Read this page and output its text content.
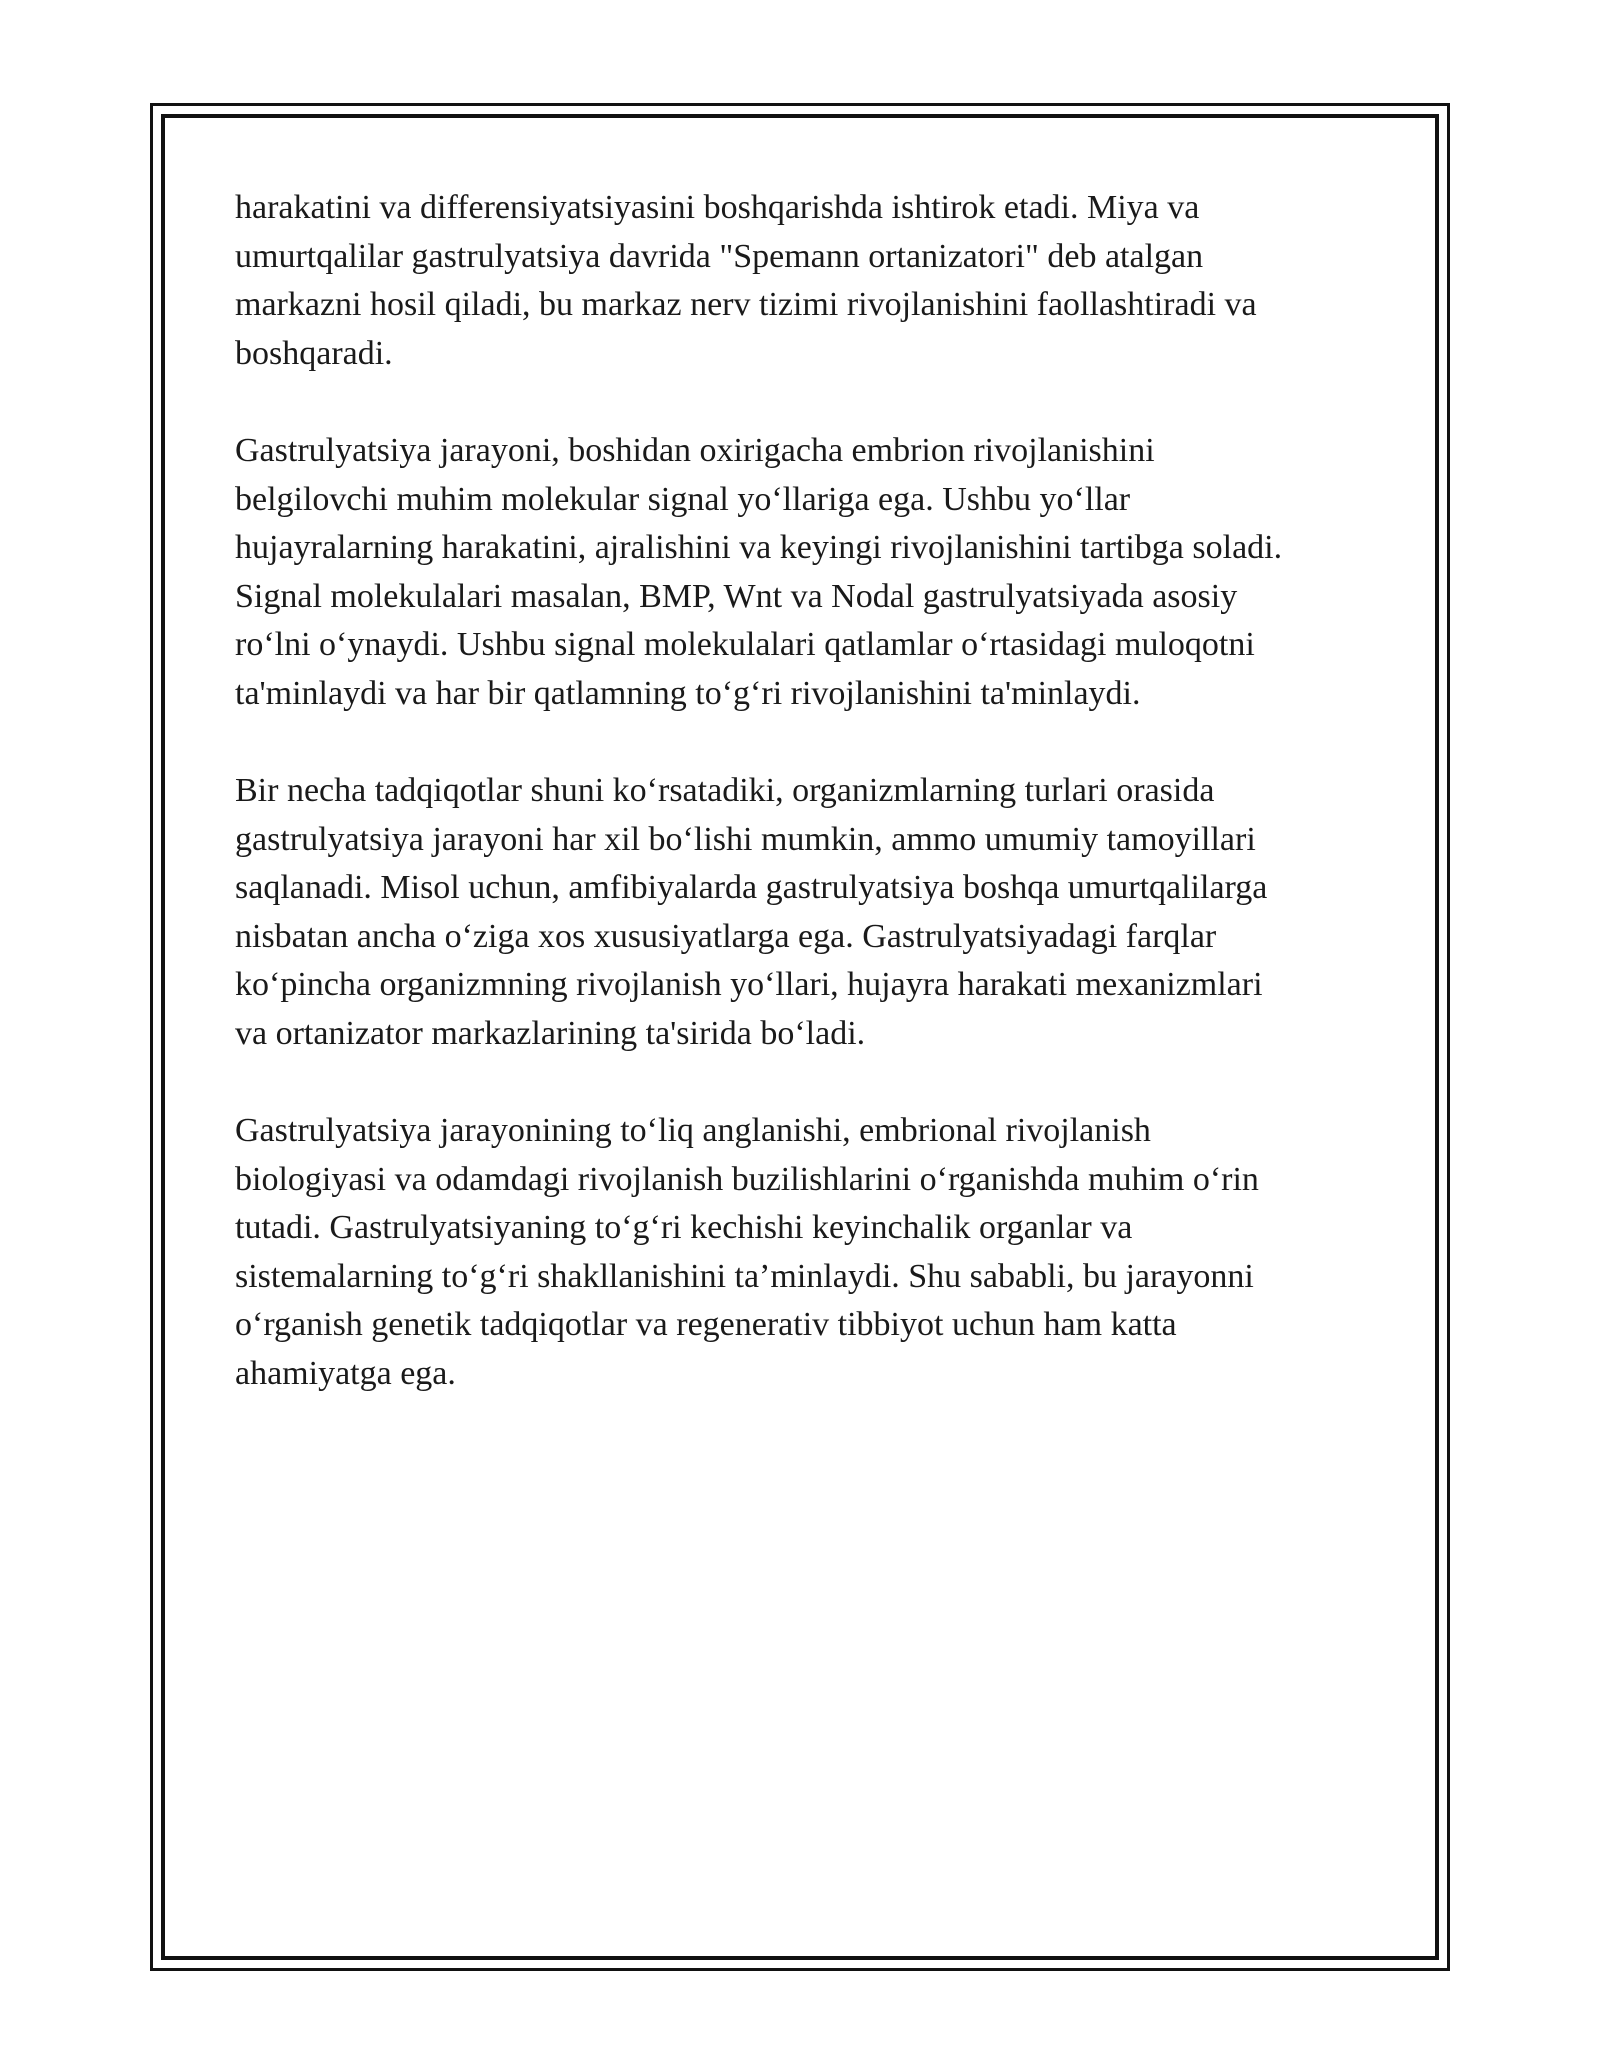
harakatini va differensiyatsiyasini boshqarishda ishtirok etadi. Miya va
umurtqalilar gastrulyatsiya davrida "Spemann ortanizatori" deb atalgan
markazni hosil qiladi, bu markaz nerv tizimi rivojlanishini faollashtiradi va
boshqaradi.

Gastrulyatsiya jarayoni, boshidan oxirigacha embrion rivojlanishini
belgilovchi muhim molekular signal yo‘llariga ega. Ushbu yo‘llar
hujayralarning harakatini, ajralishini va keyingi rivojlanishini tartibga soladi.
Signal molekulalari masalan, BMP, Wnt va Nodal gastrulyatsiyada asosiy
ro‘lni o‘ynaydi. Ushbu signal molekulalari qatlamlar o‘rtasidagi muloqotni
ta'minlaydi va har bir qatlamning to‘g‘ri rivojlanishini ta'minlaydi.

Bir necha tadqiqotlar shuni ko‘rsatadiki, organizmlarning turlari orasida
gastrulyatsiya jarayoni har xil bo‘lishi mumkin, ammo umumiy tamoyillari
saqlanadi. Misol uchun, amfibiyalarda gastrulyatsiya boshqa umurtqalilarga
nisbatan ancha o‘ziga xos xususiyatlarga ega. Gastrulyatsiyadagi farqlar
ko‘pincha organizmning rivojlanish yo‘llari, hujayra harakati mexanizmlari
va ortanizator markazlarining ta'sirida bo‘ladi.

Gastrulyatsiya jarayonining to‘liq anglanishi, embrional rivojlanish
biologiyasi va odamdagi rivojlanish buzilishlarini o‘rganishda muhim o‘rin
tutadi. Gastrulyatsiyaning to‘g‘ri kechishi keyinchalik organlar va
sistemalarning to‘g‘ri shakllanishini ta’minlaydi. Shu sababli, bu jarayonni
o‘rganish genetik tadqiqotlar va regenerativ tibbiyot uchun ham katta
ahamiyatga ega.
